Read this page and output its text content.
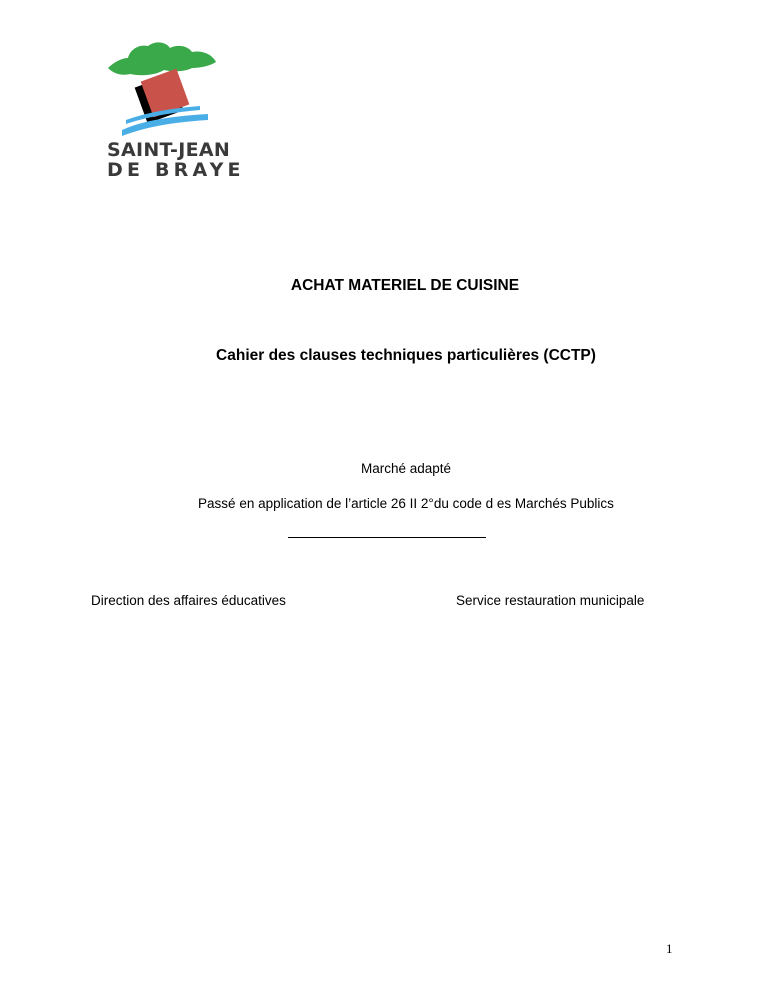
SAINT-JEAN
DE BRAYE
ACHAT MATERIEL DE CUISINE
Cahier des clauses techniques particulières (CCTP)
Marché adapté
Passé en application de l’article 26 II 2°du code d es Marchés Publics
Direction des affaires éducatives	Service restauration municipale
1
